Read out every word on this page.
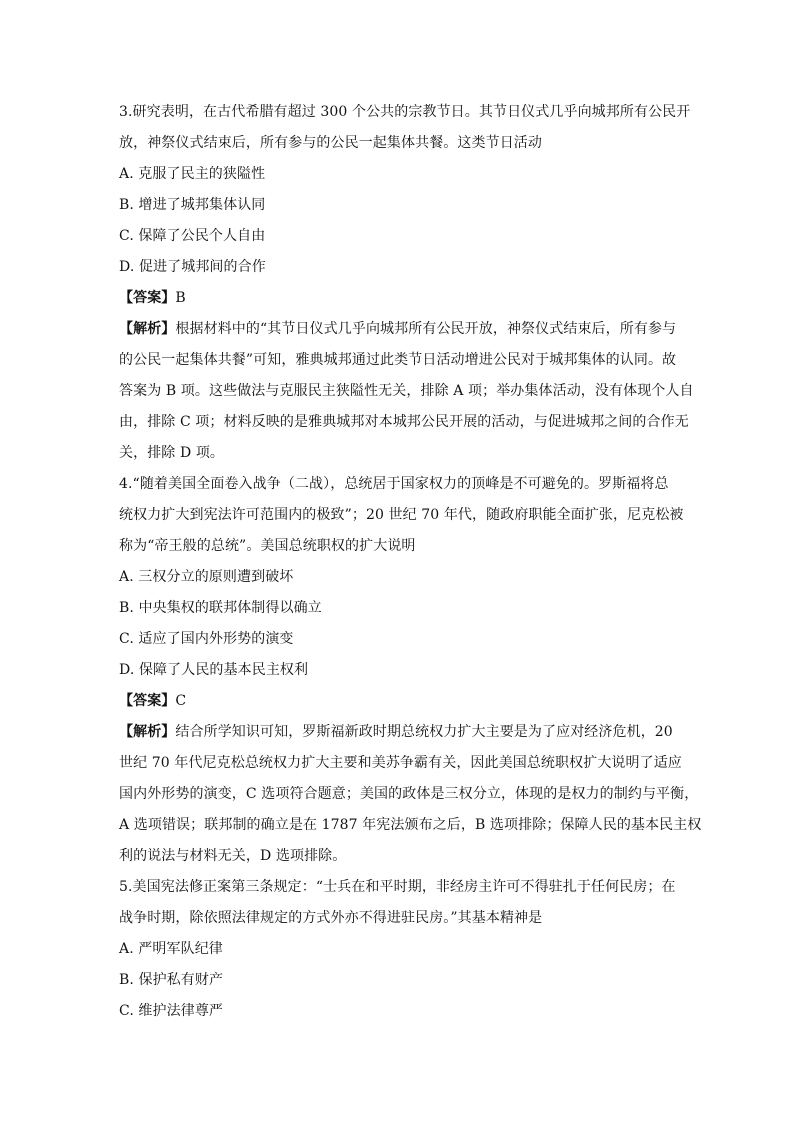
3.研究表明，在古代希腊有超过 300 个公共的宗教节日。其节日仪式几乎向城邦所有公民开
放，神祭仪式结束后，所有参与的公民一起集体共餐。这类节日活动
A. 克服了民主的狭隘性
B. 增进了城邦集体认同
C. 保障了公民个人自由
D. 促进了城邦间的合作
【答案】B
【解析】根据材料中的“其节日仪式几乎向城邦所有公民开放，神祭仪式结束后，所有参与
的公民一起集体共餐”可知，雅典城邦通过此类节日活动增进公民对于城邦集体的认同。故
答案为 B 项。这些做法与克服民主狭隘性无关，排除 A 项；举办集体活动，没有体现个人自
由，排除 C 项；材料反映的是雅典城邦对本城邦公民开展的活动，与促进城邦之间的合作无
关，排除 D 项。
4.“随着美国全面卷入战争（二战），总统居于国家权力的顶峰是不可避免的。罗斯福将总
统权力扩大到宪法许可范围内的极致”；20 世纪 70 年代，随政府职能全面扩张，尼克松被
称为“帝王般的总统”。美国总统职权的扩大说明
A. 三权分立的原则遭到破坏
B. 中央集权的联邦体制得以确立
C. 适应了国内外形势的演变
D. 保障了人民的基本民主权利
【答案】C
【解析】结合所学知识可知，罗斯福新政时期总统权力扩大主要是为了应对经济危机，20
世纪 70 年代尼克松总统权力扩大主要和美苏争霸有关，因此美国总统职权扩大说明了适应
国内外形势的演变，C 选项符合题意；美国的政体是三权分立，体现的是权力的制约与平衡，
A 选项错误；联邦制的确立是在 1787 年宪法颁布之后，B 选项排除；保障人民的基本民主权
利的说法与材料无关，D 选项排除。
5.美国宪法修正案第三条规定：“士兵在和平时期，非经房主许可不得驻扎于任何民房；在
战争时期，除依照法律规定的方式外亦不得进驻民房。”其基本精神是
A. 严明军队纪律
B. 保护私有财产
C. 维护法律尊严
